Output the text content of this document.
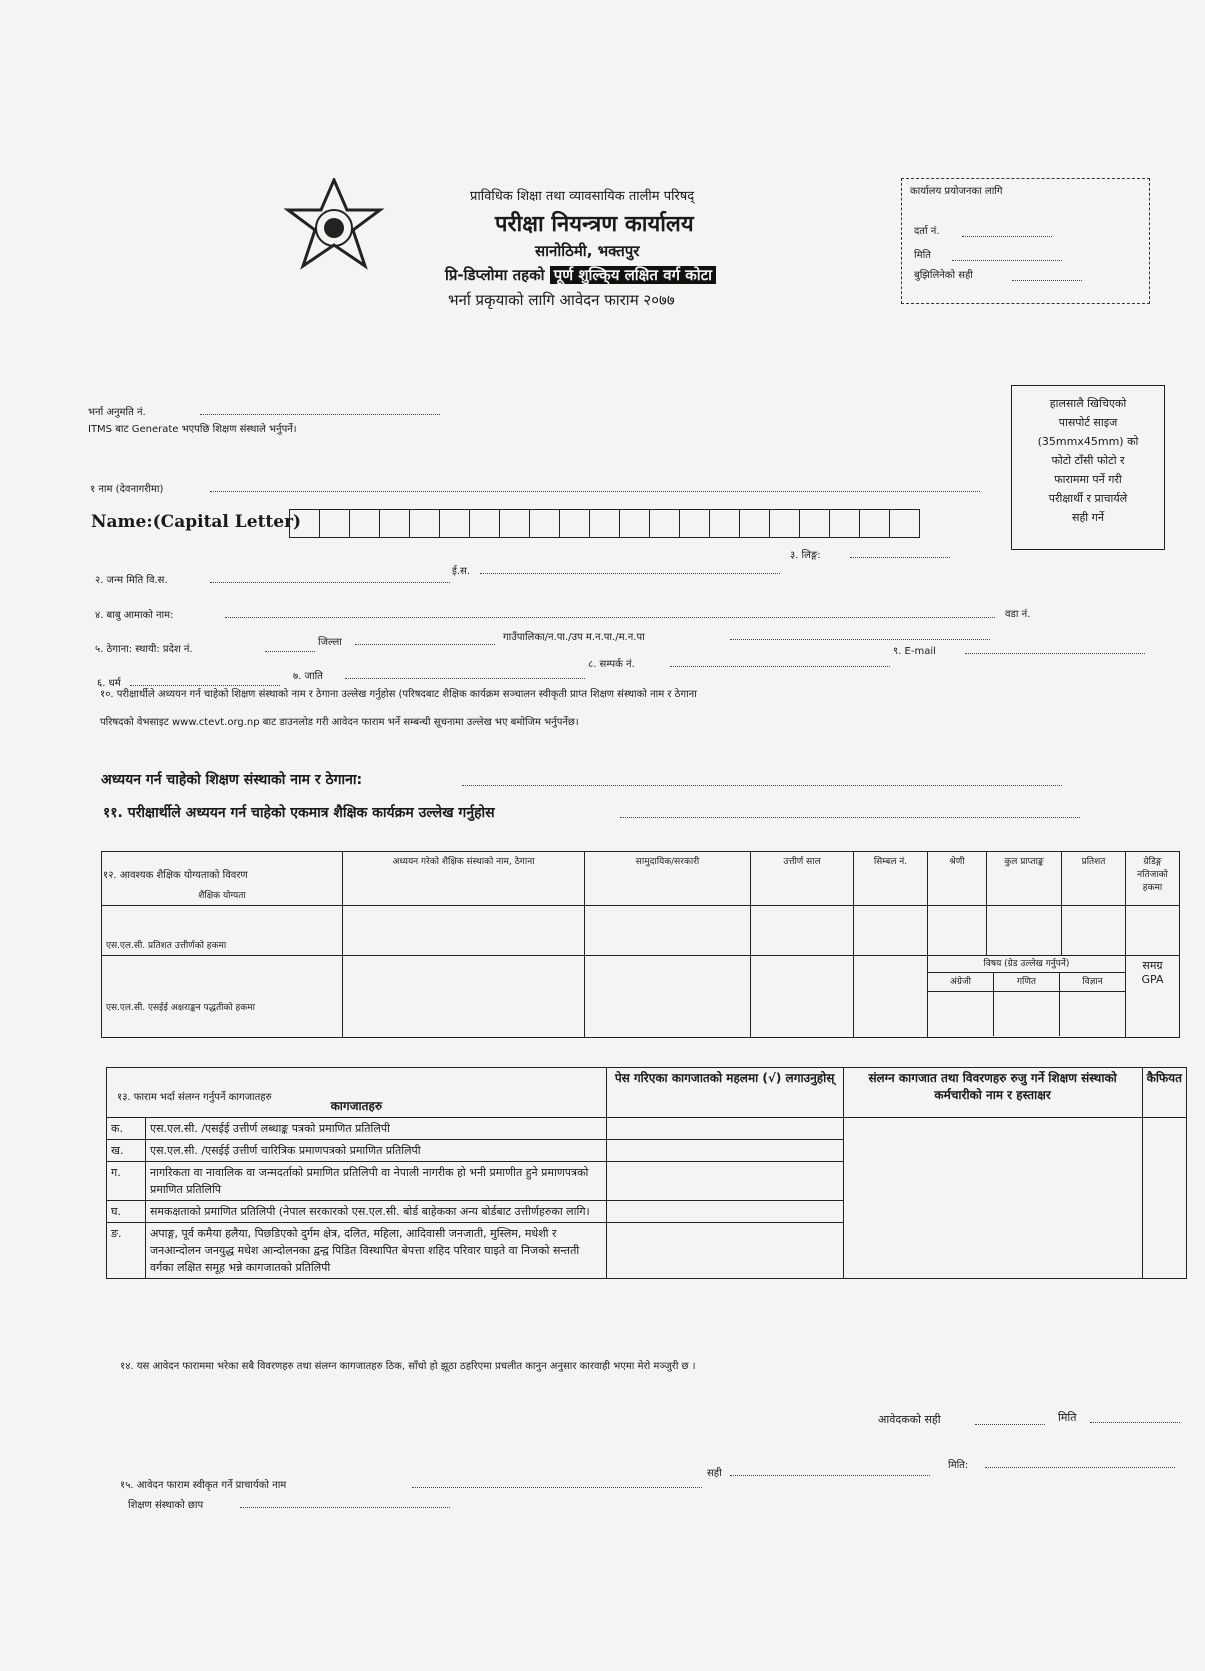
प्राविधिक शिक्षा तथा व्यावसायिक तालीम परिषद्
परीक्षा नियन्त्रण कार्यालय
सानोठिमी, भक्तपुर
प्रि-डिप्लोमा तहको पूर्ण शुल्कि्य लक्षित वर्ग कोटा
भर्ना प्रकृयाको लागि आवेदन फाराम २०७७
कार्यालय प्रयोजनका लागि
दर्ता नं.
मिति
बुझिलिनेको सही
भर्ना अनुमति नं.
ITMS बाट Generate भएपछि शिक्षण संस्थाले भर्नुपर्ने।
हालसालै खिचिएको
पासपोर्ट साइज
(35mmx45mm) को
फोटो टाँसी फोटो र
फाराममा पर्ने गरी
परीक्षार्थी र प्राचार्यले
सही गर्ने
१ नाम (देवनागरीमा)
Name:(Capital Letter)
३. लिङ्ग:
२. जन्म मिति वि.स.
ई.स.
४. बाबु आमाको नाम:	वडा नं.
५. ठेगाना: स्थायी: प्रदेश नं.
जिल्ला	गाउँपालिका/न.पा./उप म.न.पा./म.न.पा
९. E-mail
६. धर्म
७. जाति
८. सम्पर्क नं.
१०. परीक्षार्थीले अध्ययन गर्न चाहेको शिक्षण संस्थाको नाम र ठेगाना उल्लेख गर्नुहोस (परिषदबाट शैक्षिक कार्यक्रम सञ्चालन स्वीकृती प्राप्त शिक्षण संस्थाको नाम र ठेगाना
परिषदको वेभसाइट www.ctevt.org.np बाट डाउनलोड गरी आवेदन फाराम भर्ने सम्बन्धी सूचनामा उल्लेख भए बमोजिम भर्नुपर्नेछ।
अध्ययन गर्न चाहेको शिक्षण संस्थाको नाम र ठेगाना:
११. परीक्षार्थीले अध्ययन गर्न चाहेको एकमात्र शैक्षिक कार्यक्रम उल्लेख गर्नुहोस
१२. आवश्यक शैक्षिक योग्यताको विवरण
शैक्षिक योग्यता	अध्ययन गरेको शैक्षिक संस्थाको नाम, ठेगाना	सामुदायिक/सरकारी	उत्तीर्ण साल	सिम्बल नं.	श्रेणी	कुल प्राप्ताङ्क	प्रतिशत	ग्रेडिङ्ग नतिजाको हकमा

एस.एल.सी. प्रतिशत उत्तीर्णको हकमा								

एस.एल.सी. एसईई अक्षराङ्कन पद्धतीको हकमा					विषय (ग्रेड उल्लेख गर्नुपर्ने)
अंग्रेजी गणित विज्ञान			समग्र GPA
१३. फाराम भर्दा संलग्न गर्नुपर्ने कागजातहरु
कागजातहरु		पेस गरिएका कागजातको महलमा (√) लगाउनुहोस्	संलग्न कागजात तथा विवरणहरु रुजु गर्ने शिक्षण संस्थाको कर्मचारीको नाम र हस्ताक्षर	कैफियत
क.	एस.एल.सी. /एसईई उत्तीर्ण लब्धाङ्क पत्रको प्रमाणित प्रतिलिपी			
ख.	एस.एल.सी. /एसईई उत्तीर्ण चारित्रिक प्रमाणपत्रको प्रमाणित प्रतिलिपी			
ग.	नागरिकता वा नावालिक वा जन्मदर्ताको प्रमाणित प्रतिलिपी वा नेपाली नागरीक हो भनी प्रमाणीत हुने प्रमाणपत्रको प्रमाणित प्रतिलिपि			
घ.	समकक्षताको प्रमाणित प्रतिलिपी (नेपाल सरकारको एस.एल.सी. बोर्ड बाहेकका अन्य बोर्डबाट उत्तीर्णहरुका लागि।			
ङ.	अपाङ्ग, पूर्व कमैया हलैया, पिछडिएको दुर्गम क्षेत्र, दलित, महिला, आदिवासी जनजाती, मुस्लिम, मधेशी र जनआन्दोलन जनयुद्ध मधेश आन्दोलनका द्वन्द्व पिडित विस्थापित बेपत्ता शहिद परिवार घाइते वा निजको सन्तती वर्गका लक्षित समूह भन्ने कागजातको प्रतिलिपी			
१४. यस आवेदन फाराममा भरेका सबै विवरणहरु तथा संलग्न कागजातहरु ठिक, साँचो हो झूठा ठहरिएमा प्रचलीत कानुन अनुसार कारवाही भएमा मेरो मञ्जुरी छ ।
आवेदकको सही	मिति
१५. आवेदन फाराम स्वीकृत गर्ने प्राचार्यको नाम
सही
मिति:
शिक्षण संस्थाको छाप
